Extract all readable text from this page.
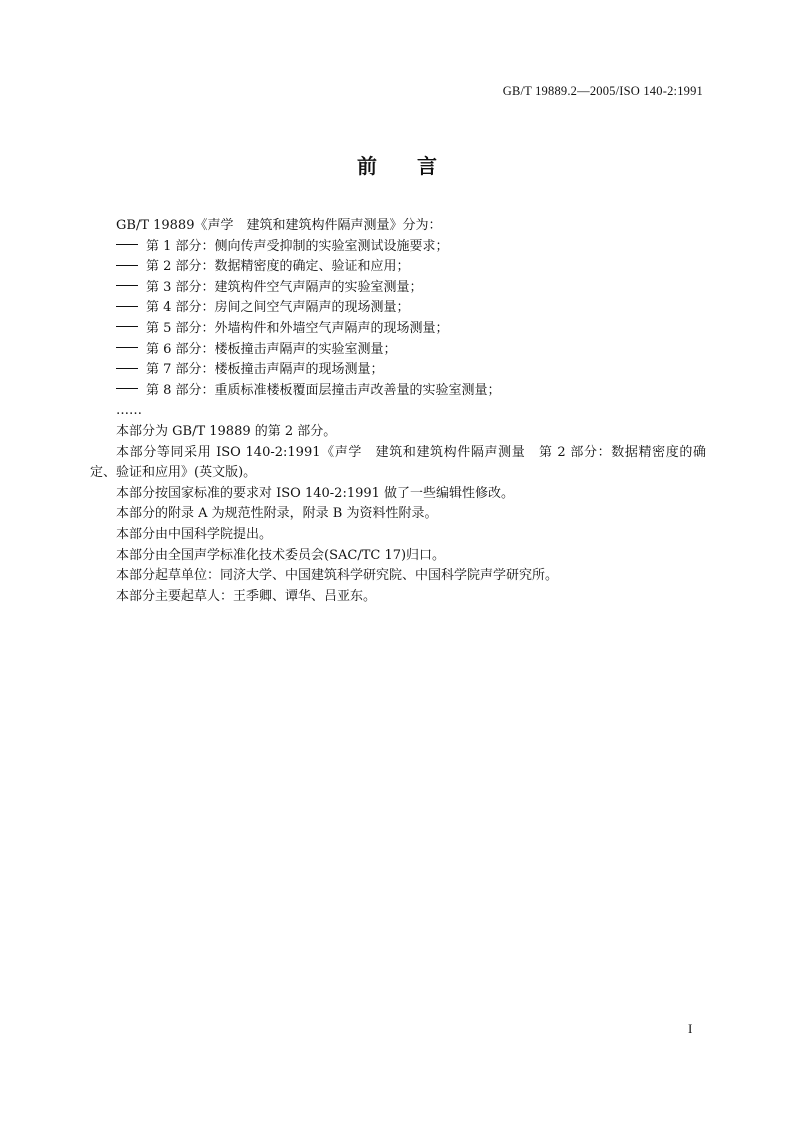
GB/T 19889.2—2005/ISO 140-2:1991
前言

GB/T 19889《声学　建筑和建筑构件隔声测量》分为：

第 1 部分：侧向传声受抑制的实验室测试设施要求；

第 2 部分：数据精密度的确定、验证和应用；

第 3 部分：建筑构件空气声隔声的实验室测量；

第 4 部分：房间之间空气声隔声的现场测量；

第 5 部分：外墙构件和外墙空气声隔声的现场测量；

第 6 部分：楼板撞击声隔声的实验室测量；

第 7 部分：楼板撞击声隔声的现场测量；

第 8 部分：重质标准楼板覆面层撞击声改善量的实验室测量；

……

本部分为 GB/T 19889 的第 2 部分。

本部分等同采用 ISO 140-2:1991《声学　建筑和建筑构件隔声测量　第 2 部分：数据精密度的确定、验证和应用》(英文版)。

本部分按国家标准的要求对 ISO 140-2:1991 做了一些编辑性修改。

本部分的附录 A 为规范性附录，附录 B 为资料性附录。

本部分由中国科学院提出。

本部分由全国声学标准化技术委员会(SAC/TC 17)归口。

本部分起草单位：同济大学、中国建筑科学研究院、中国科学院声学研究所。

本部分主要起草人：王季卿、谭华、吕亚东。

I
